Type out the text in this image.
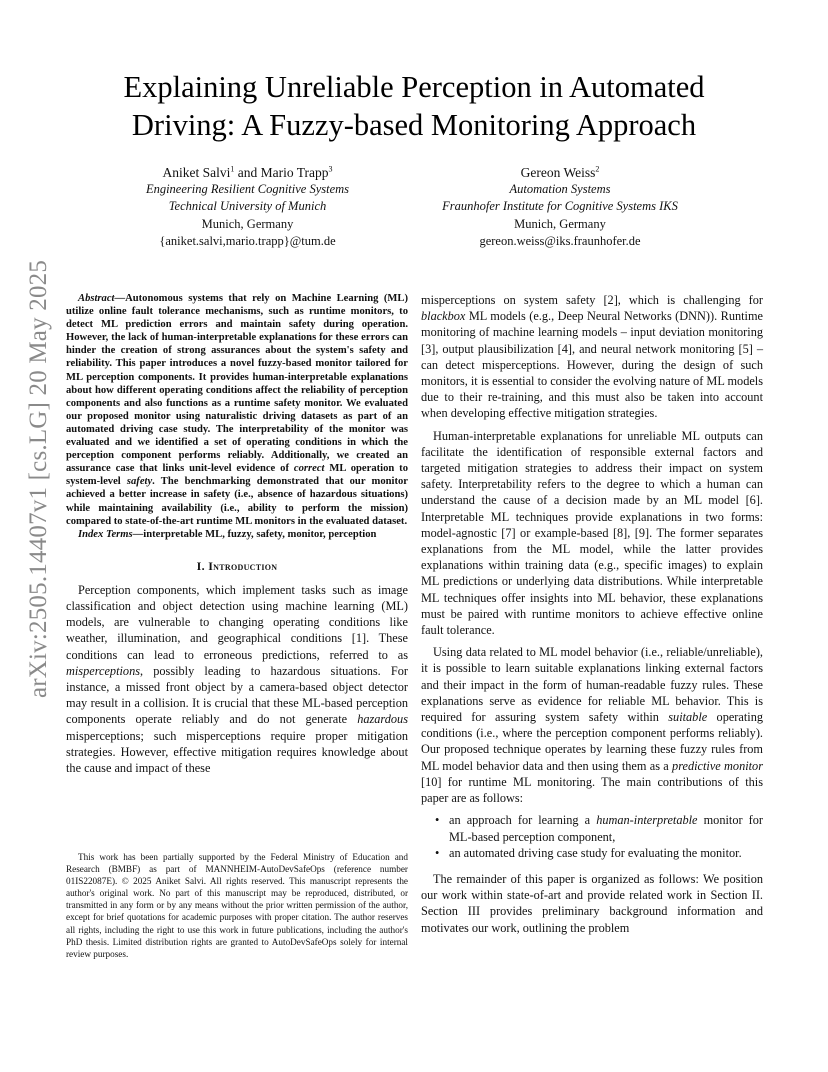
arXiv:2505.14407v1 [cs.LG] 20 May 2025
Explaining Unreliable Perception in Automated
Driving: A Fuzzy-based Monitoring Approach
Aniket Salvi$^1$ and Mario Trapp$^3$
Engineering Resilient Cognitive Systems
Technical University of Munich
Munich, Germany
{aniket.salvi,mario.trapp}@tum.de
Gereon Weiss$^2$
Automation Systems
Fraunhofer Institute for Cognitive Systems IKS
Munich, Germany
gereon.weiss@iks.fraunhofer.de

Abstract—Autonomous systems that rely on Machine Learning (ML) utilize online fault tolerance mechanisms, such as runtime monitors, to detect ML prediction errors and maintain safety during operation. However, the lack of human-interpretable explanations for these errors can hinder the creation of strong assurances about the system's safety and reliability. This paper introduces a novel fuzzy-based monitor tailored for ML perception components. It provides human-interpretable explanations about how different operating conditions affect the reliability of perception components and also functions as a runtime safety monitor. We evaluated our proposed monitor using naturalistic driving datasets as part of an automated driving case study. The interpretability of the monitor was evaluated and we identified a set of operating conditions in which the perception component performs reliably. Additionally, we created an assurance case that links unit-level evidence of correct ML operation to system-level safety. The benchmarking demonstrated that our monitor achieved a better increase in safety (i.e., absence of hazardous situations) while maintaining availability (i.e., ability to perform the mission) compared to state-of-the-art runtime ML monitors in the evaluated dataset.

Index Terms—interpretable ML, fuzzy, safety, monitor, perception

I. Introduction

Perception components, which implement tasks such as image classification and object detection using machine learning (ML) models, are vulnerable to changing operating conditions like weather, illumination, and geographical conditions [1]. These conditions can lead to erroneous predictions, referred to as misperceptions, possibly leading to hazardous situations. For instance, a missed front object by a camera-based object detector may result in a collision. It is crucial that these ML-based perception components operate reliably and do not generate hazardous misperceptions; such misperceptions require proper mitigation strategies. However, effective mitigation requires knowledge about the cause and impact of these

This work has been partially supported by the Federal Ministry of Education and Research (BMBF) as part of MANNHEIM-AutoDevSafeOps (reference number 01IS22087E). © 2025 Aniket Salvi. All rights reserved. This manuscript represents the author's original work. No part of this manuscript may be reproduced, distributed, or transmitted in any form or by any means without the prior written permission of the author, except for brief quotations for academic purposes with proper citation. The author reserves all rights, including the right to use this work in future publications, including the author's PhD thesis. Limited distribution rights are granted to AutoDevSafeOps solely for internal review purposes.

misperceptions on system safety [2], which is challenging for blackbox ML models (e.g., Deep Neural Networks (DNN)). Runtime monitoring of machine learning models – input deviation monitoring [3], output plausibilization [4], and neural network monitoring [5] – can detect misperceptions. However, during the design of such monitors, it is essential to consider the evolving nature of ML models due to their re-training, and this must also be taken into account when developing effective mitigation strategies.

Human-interpretable explanations for unreliable ML outputs can facilitate the identification of responsible external factors and targeted mitigation strategies to address their impact on system safety. Interpretability refers to the degree to which a human can understand the cause of a decision made by an ML model [6]. Interpretable ML techniques provide explanations in two forms: model-agnostic [7] or example-based [8], [9]. The former separates explanations from the ML model, while the latter provides explanations within training data (e.g., specific images) to explain ML predictions or underlying data distributions. While interpretable ML techniques offer insights into ML behavior, these explanations must be paired with runtime monitors to achieve effective online fault tolerance.

Using data related to ML model behavior (i.e., reliable/unreliable), it is possible to learn suitable explanations linking external factors and their impact in the form of human-readable fuzzy rules. These explanations serve as evidence for reliable ML behavior. This is required for assuring system safety within suitable operating conditions (i.e., where the perception component performs reliably). Our proposed technique operates by learning these fuzzy rules from ML model behavior data and then using them as a predictive monitor [10] for runtime ML monitoring. The main contributions of this paper are as follows:

• an approach for learning a human-interpretable monitor for ML-based perception component,
• an automated driving case study for evaluating the monitor.

The remainder of this paper is organized as follows: We position our work within state-of-art and provide related work in Section II. Section III provides preliminary background information and motivates our work, outlining the problem
